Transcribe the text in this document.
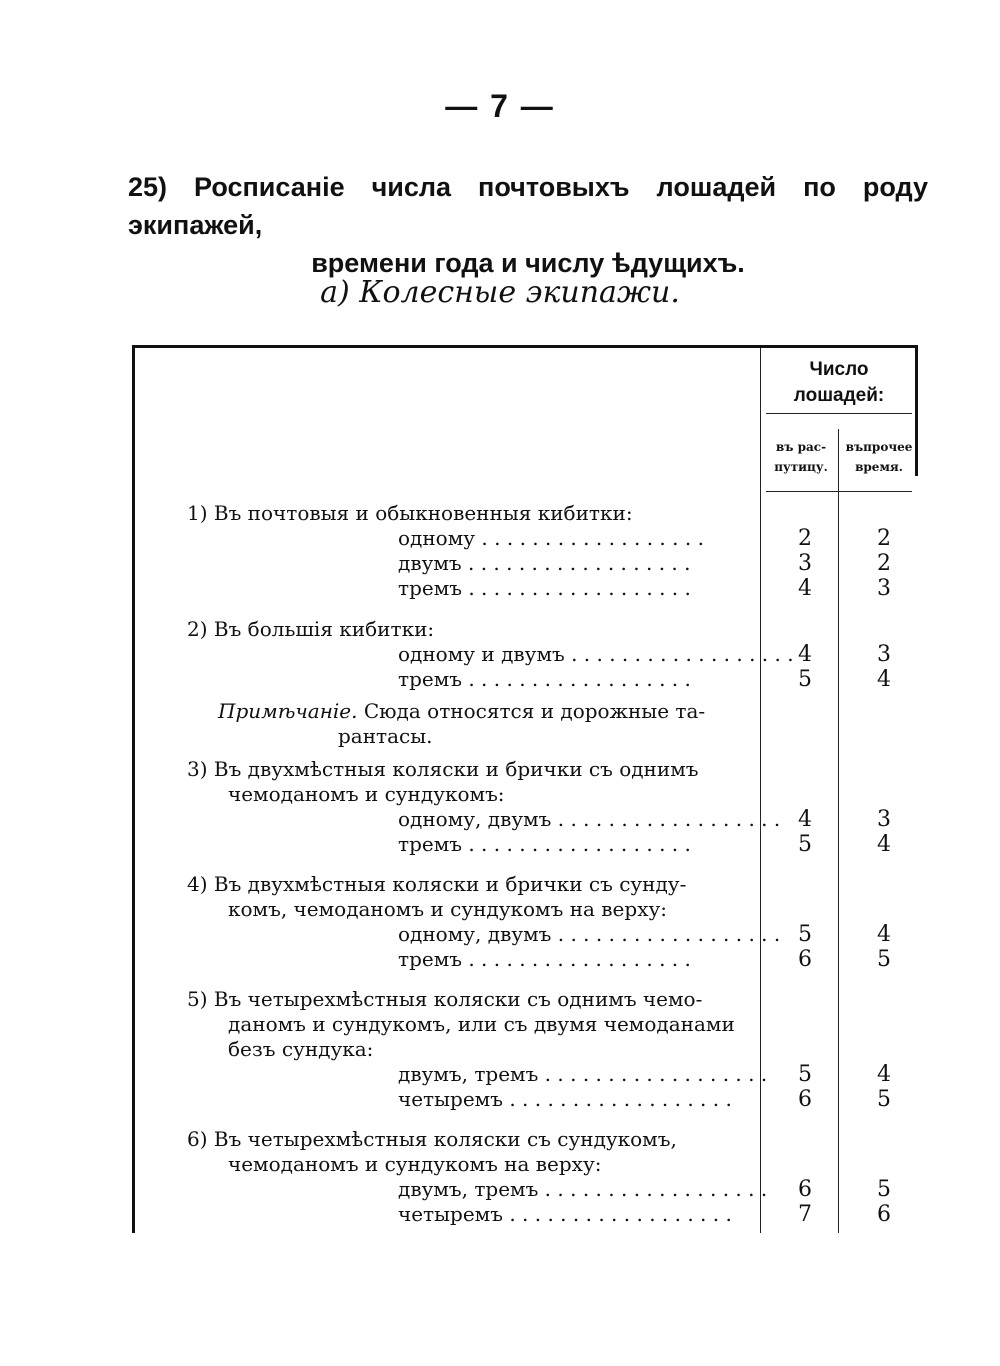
— 7 —
25) Росписаніе числа почтовыхъ лошадей по роду экипажей,
времени года и числу ѣдущихъ.
а) Колесные экипажи.
Число
лошадей:
въ рас-
путицу.
въпрочее
время.
1) Въ почтовыя и обыкновенныя кибитки:
одному . . . . . . . . . . . . . . . . . .	2	2
двумъ . . . . . . . . . . . . . . . . . .	3	2
тремъ . . . . . . . . . . . . . . . . . .	4	3
2) Въ большія кибитки:
одному и двумъ . . . . . . . . . . . . . . . . . . 4	3
тремъ . . . . . . . . . . . . . . . . . .	5	4
Примѣчаніе. Сюда относятся и дорожные та-
рантасы.
3) Въ двухмѣстныя коляски и брички съ однимъ
чемоданомъ и сундукомъ:
одному, двумъ . . . . . . . . . . . . . . . . . . 4	3
тремъ . . . . . . . . . . . . . . . . . .	5	4
4) Въ двухмѣстныя коляски и брички съ сунду-
комъ, чемоданомъ и сундукомъ на верху:
одному, двумъ . . . . . . . . . . . . . . . . . . 5	4
тремъ . . . . . . . . . . . . . . . . . .	6	5
5) Въ четырехмѣстныя коляски съ однимъ чемо-
даномъ и сундукомъ, или съ двумя чемоданами
безъ сундука:
двумъ, тремъ . . . . . . . . . . . . . . . . . .	5	4
четыремъ . . . . . . . . . . . . . . . . . .	6	5
6) Въ четырехмѣстныя коляски съ сундукомъ,
чемоданомъ и сундукомъ на верху:
двумъ, тремъ . . . . . . . . . . . . . . . . . .	6	5
четыремъ . . . . . . . . . . . . . . . . . .	7	6
